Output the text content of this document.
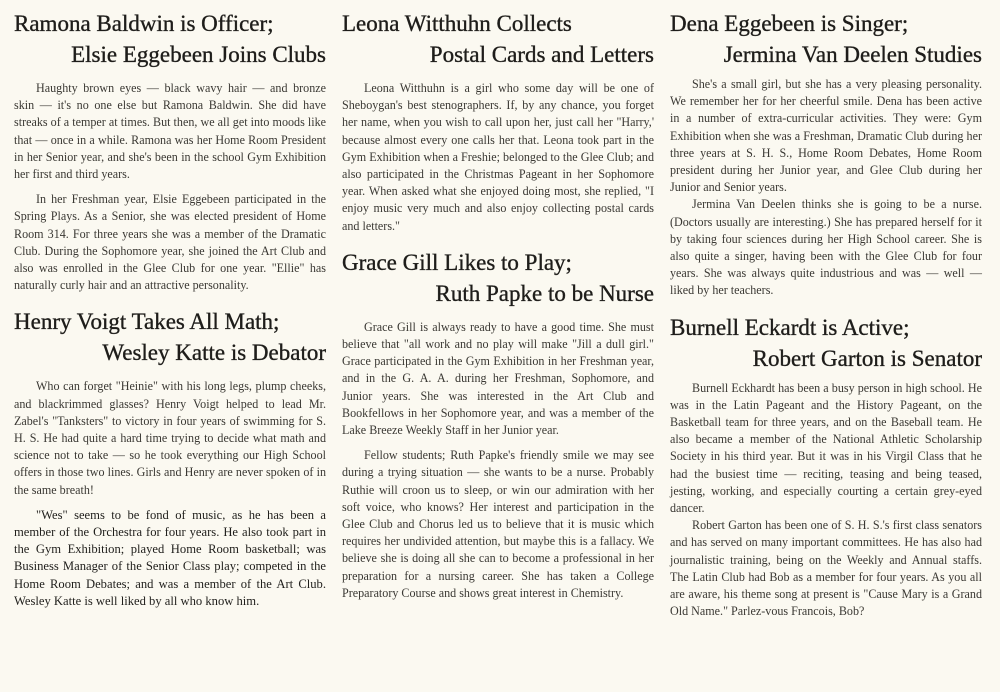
Ramona Baldwin is Officer;
Elsie Eggebeen Joins Clubs

Haughty brown eyes — black wavy hair — and bronze skin — it's no one else but Ramona Baldwin. She did have streaks of a temper at times. But then, we all get into moods like that — once in a while. Ramona was her Home Room President in her Senior year, and she's been in the school Gym Exhibition her first and third years.

In her Freshman year, Elsie Eggebeen participated in the Spring Plays. As a Senior, she was elected president of Home Room 314. For three years she was a member of the Dramatic Club. During the Sophomore year, she joined the Art Club and also was enrolled in the Glee Club for one year. "Ellie" has naturally curly hair and an attractive personality.

Henry Voigt Takes All Math;
Wesley Katte is Debator

Who can forget "Heinie" with his long legs, plump cheeks, and blackrimmed glasses? Henry Voigt helped to lead Mr. Zabel's "Tanksters" to victory in four years of swimming for S. H. S. He had quite a hard time trying to decide what math and science not to take — so he took everything our High School offers in those two lines. Girls and Henry are never spoken of in the same breath!

"Wes" seems to be fond of music, as he has been a member of the Orchestra for four years. He also took part in the Gym Exhibition; played Home Room basketball; was Business Manager of the Senior Class play; competed in the Home Room Debates; and was a member of the Art Club. Wesley Katte is well liked by all who know him.

Leona Witthuhn Collects
Postal Cards and Letters

Leona Witthuhn is a girl who some day will be one of Sheboygan's best stenographers. If, by any chance, you forget her name, when you wish to call upon her, just call her "Harry,' because almost every one calls her that. Leona took part in the Gym Exhibition when a Freshie; belonged to the Glee Club; and also participated in the Christmas Pageant in her Sophomore year. When asked what she enjoyed doing most, she replied, "I enjoy music very much and also enjoy collecting postal cards and letters."

Grace Gill Likes to Play;
Ruth Papke to be Nurse

Grace Gill is always ready to have a good time. She must believe that "all work and no play will make "Jill a dull girl." Grace participated in the Gym Exhibition in her Freshman year, and in the G. A. A. during her Freshman, Sophomore, and Junior years. She was interested in the Art Club and Bookfellows in her Sophomore year, and was a member of the Lake Breeze Weekly Staff in her Junior year.

Fellow students; Ruth Papke's friendly smile we may see during a trying situation — she wants to be a nurse. Probably Ruthie will croon us to sleep, or win our admiration with her soft voice, who knows? Her interest and participation in the Glee Club and Chorus led us to believe that it is music which requires her undivided attention, but maybe this is a fallacy. We believe she is doing all she can to become a professional in her preparation for a nursing career. She has taken a College Preparatory Course and shows great interest in Chemistry.

Dena Eggebeen is Singer;
Jermina Van Deelen Studies

She's a small girl, but she has a very pleasing personality. We remember her for her cheerful smile. Dena has been active in a number of extra-curricular activities. They were: Gym Exhibition when she was a Freshman, Dramatic Club during her three years at S. H. S., Home Room Debates, Home Room president during her Junior year, and Glee Club during her Junior and Senior years.

Jermina Van Deelen thinks she is going to be a nurse. (Doctors usually are interesting.) She has prepared herself for it by taking four sciences during her High School career. She is also quite a singer, having been with the Glee Club for four years. She was always quite industrious and was — well — liked by her teachers.

Burnell Eckardt is Active;
Robert Garton is Senator

Burnell Eckhardt has been a busy person in high school. He was in the Latin Pageant and the History Pageant, on the Basketball team for three years, and on the Baseball team. He also became a member of the National Athletic Scholarship Society in his third year. But it was in his Virgil Class that he had the busiest time — reciting, teasing and being teased, jesting, working, and especially courting a certain grey-eyed dancer.

Robert Garton has been one of S. H. S.'s first class senators and has served on many important committees. He has also had journalistic training, being on the Weekly and Annual staffs. The Latin Club had Bob as a member for four years. As you all are aware, his theme song at present is "Cause Mary is a Grand Old Name." Parlez-vous Francois, Bob?
